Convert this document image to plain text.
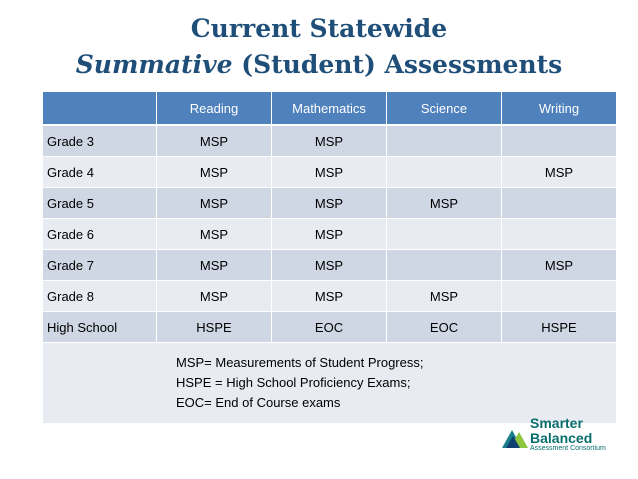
Current Statewide
Summative (Student) Assessments
	Reading	Mathematics	Science	Writing
Grade 3	MSP	MSP		
Grade 4	MSP	MSP		MSP
Grade 5	MSP	MSP	MSP	
Grade 6	MSP	MSP		
Grade 7	MSP	MSP		MSP
Grade 8	MSP	MSP	MSP	
High School	HSPE	EOC	EOC	HSPE

MSP= Measurements of Student Progress;
HSPE = High School Proficiency Exams;
EOC= End of Course exams				
Smarter
Balanced
Assessment Consortium
